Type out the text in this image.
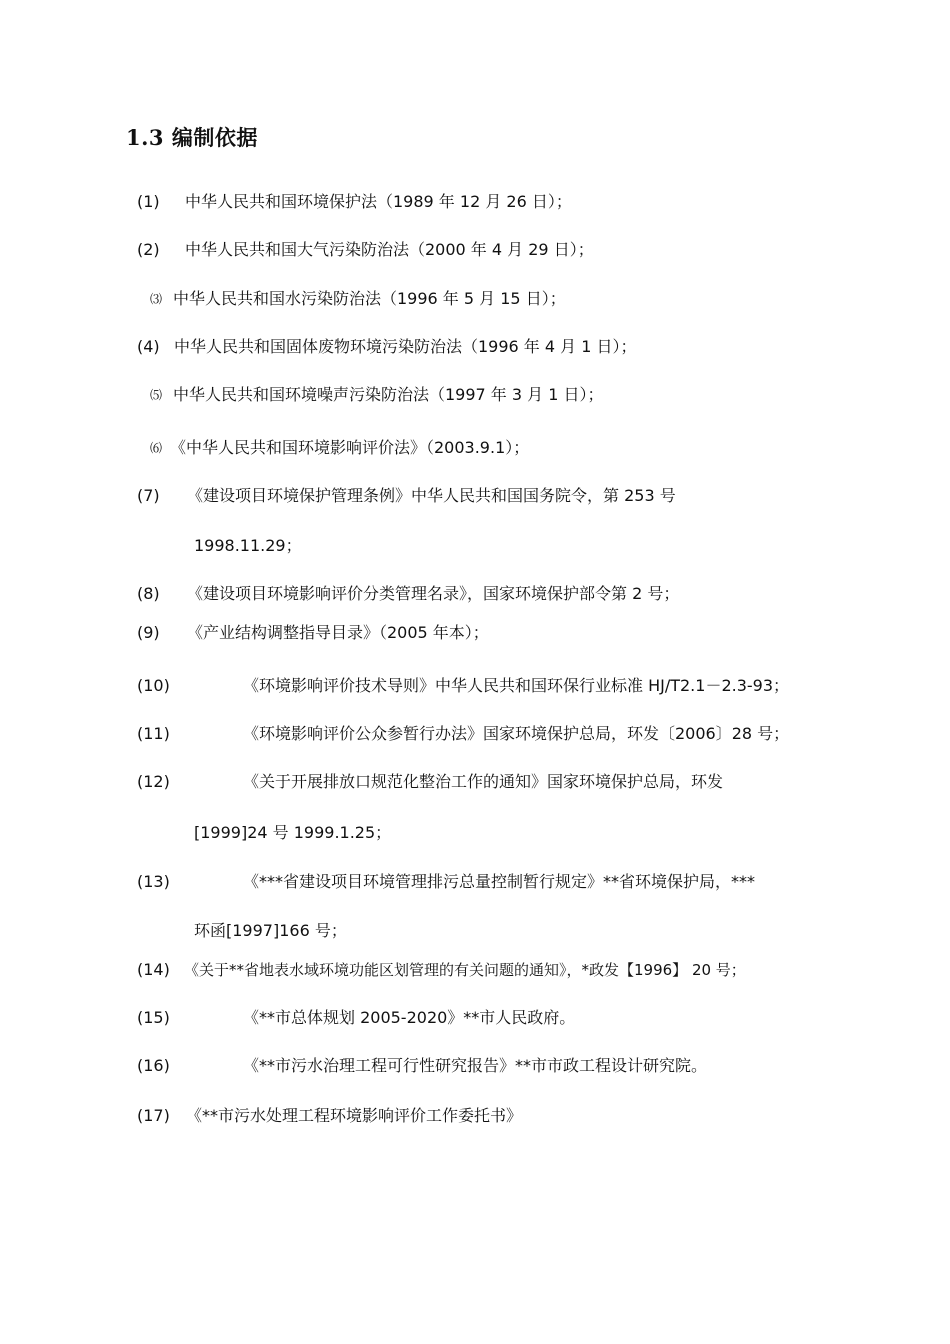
1.3 编制依据
(1) 中华人民共和国环境保护法（1989 年 12 月 26 日）；
(2) 中华人民共和国大气污染防治法（2000 年 4 月 29 日）；
⑶ 中华人民共和国水污染防治法（1996 年 5 月 15 日）；
(4) 中华人民共和国固体废物环境污染防治法（1996 年 4 月 1 日）；
⑸ 中华人民共和国环境噪声污染防治法（1997 年 3 月 1 日）；
⑹ 《中华人民共和国环境影响评价法》（2003.9.1）；
(7) 《建设项目环境保护管理条例》中华人民共和国国务院令，第 253 号
1998.11.29；
(8) 《建设项目环境影响评价分类管理名录》，国家环境保护部令第 2 号；
(9) 《产业结构调整指导目录》（2005 年本）；
(10)	《环境影响评价技术导则》中华人民共和国环保行业标准 HJ/T2.1－2.3-93；
(11)	《环境影响评价公众参暂行办法》国家环境保护总局，环发〔2006〕28 号；
(12)	《关于开展排放口规范化整治工作的通知》国家环境保护总局，环发
[1999]24 号 1999.1.25；
(13)	《***省建设项目环境管理排污总量控制暂行规定》**省环境保护局，***
环函[1997]166 号；
(14) 《关于**省地表水域环境功能区划管理的有关问题的通知》，*政发【1996】 20 号；
(15)	《**市总体规划 2005-2020》**市人民政府。
(16)	《**市污水治理工程可行性研究报告》**市市政工程设计研究院。
(17) 《**市污水处理工程环境影响评价工作委托书》
